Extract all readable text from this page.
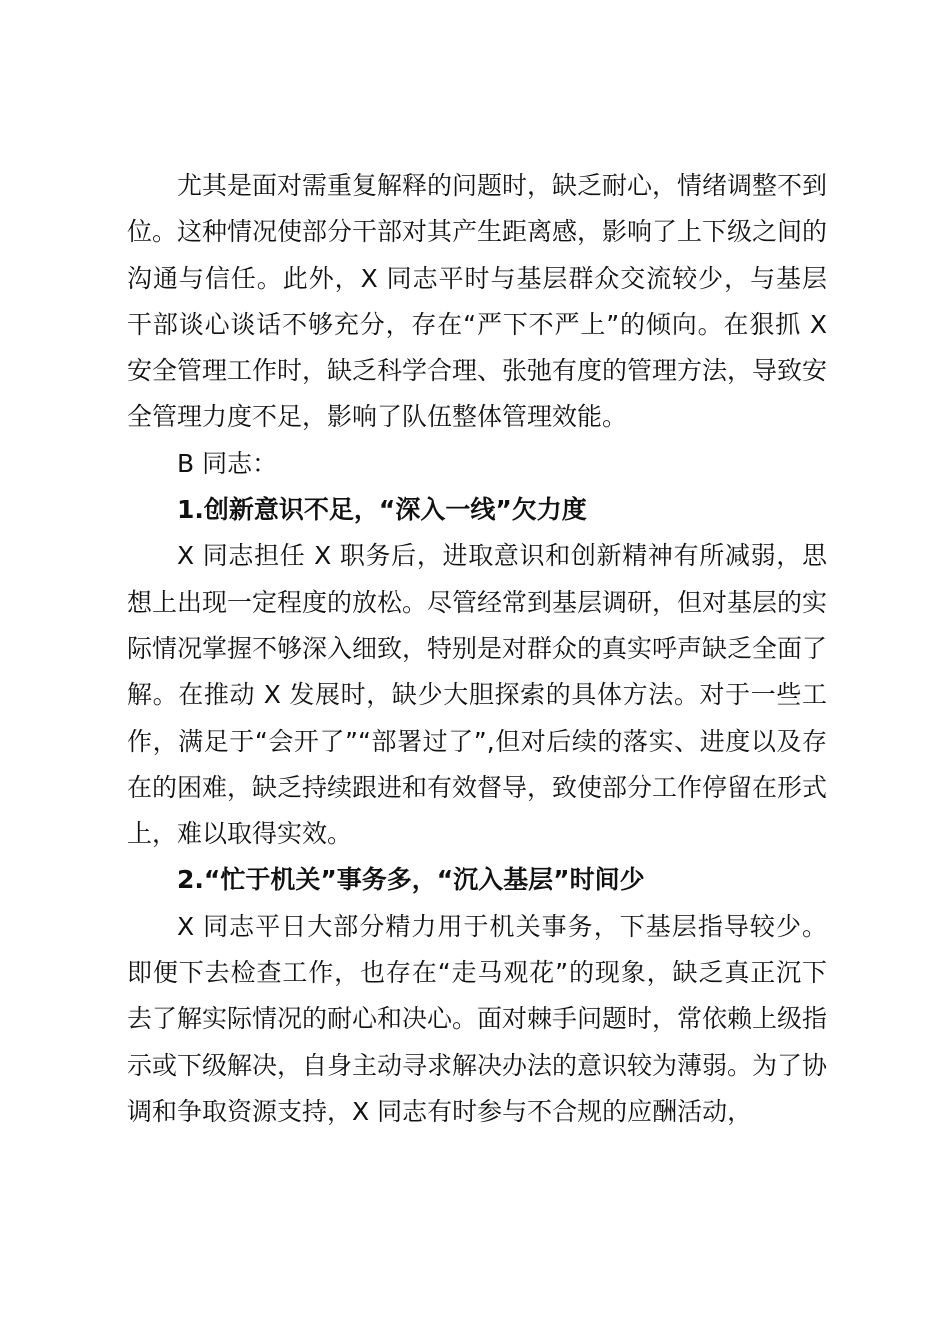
尤其是面对需重复解释的问题时，缺乏耐心，情绪调整不到位。这种情况使部分干部对其产生距离感，影响了上下级之间的沟通与信任。此外，X 同志平时与基层群众交流较少，与基层干部谈心谈话不够充分，存在“严下不严上”的倾向。在狠抓 X 安全管理工作时，缺乏科学合理、张弛有度的管理方法，导致安全管理力度不足，影响了队伍整体管理效能。

B 同志：

1.创新意识不足，“深入一线”欠力度

X 同志担任 X 职务后，进取意识和创新精神有所减弱，思想上出现一定程度的放松。尽管经常到基层调研，但对基层的实际情况掌握不够深入细致，特别是对群众的真实呼声缺乏全面了解。在推动 X 发展时，缺少大胆探索的具体方法。对于一些工作，满足于“会开了”“部署过了”,但对后续的落实、进度以及存在的困难，缺乏持续跟进和有效督导，致使部分工作停留在形式上，难以取得实效。

2.“忙于机关”事务多，“沉入基层”时间少

X 同志平日大部分精力用于机关事务，下基层指导较少。即便下去检查工作，也存在“走马观花”的现象，缺乏真正沉下去了解实际情况的耐心和决心。面对棘手问题时，常依赖上级指示或下级解决，自身主动寻求解决办法的意识较为薄弱。为了协调和争取资源支持，X 同志有时参与不合规的应酬活动，
